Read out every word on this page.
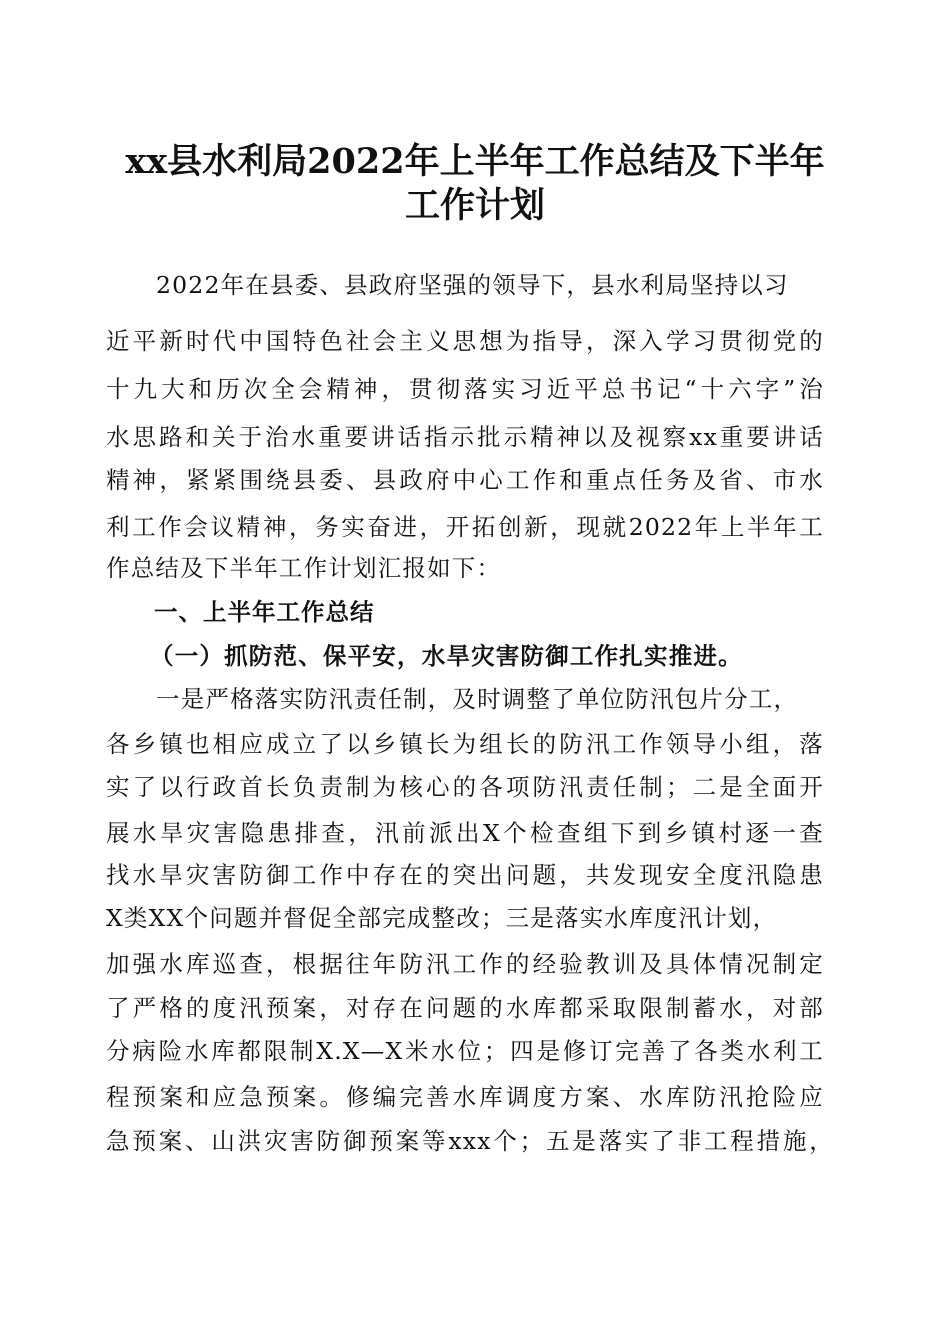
xx县水利局2022年上半年工作总结及下半年
工作计划

2022年在县委、县政府坚强的领导下，县水利局坚持以习

近平新时代中国特色社会主义思想为指导，深入学习贯彻党的

十九大和历次全会精神，贯彻落实习近平总书记“十六字”治

水思路和关于治水重要讲话指示批示精神以及视察xx重要讲话

精神，紧紧围绕县委、县政府中心工作和重点任务及省、市水

利工作会议精神，务实奋进，开拓创新，现就2022年上半年工

作总结及下半年工作计划汇报如下：

一、上半年工作总结
（一）抓防范、保平安，水旱灾害防御工作扎实推进。

一是严格落实防汛责任制，及时调整了单位防汛包片分工，

各乡镇也相应成立了以乡镇长为组长的防汛工作领导小组，落

实了以行政首长负责制为核心的各项防汛责任制；二是全面开

展水旱灾害隐患排查，汛前派出X个检查组下到乡镇村逐一查

找水旱灾害防御工作中存在的突出问题，共发现安全度汛隐患

X类XX个问题并督促全部完成整改；三是落实水库度汛计划，

加强水库巡查，根据往年防汛工作的经验教训及具体情况制定

了严格的度汛预案，对存在问题的水库都采取限制蓄水，对部

分病险水库都限制X.X—X米水位；四是修订完善了各类水利工

程预案和应急预案。修编完善水库调度方案、水库防汛抢险应

急预案、山洪灾害防御预案等xxx个；五是落实了非工程措施，
